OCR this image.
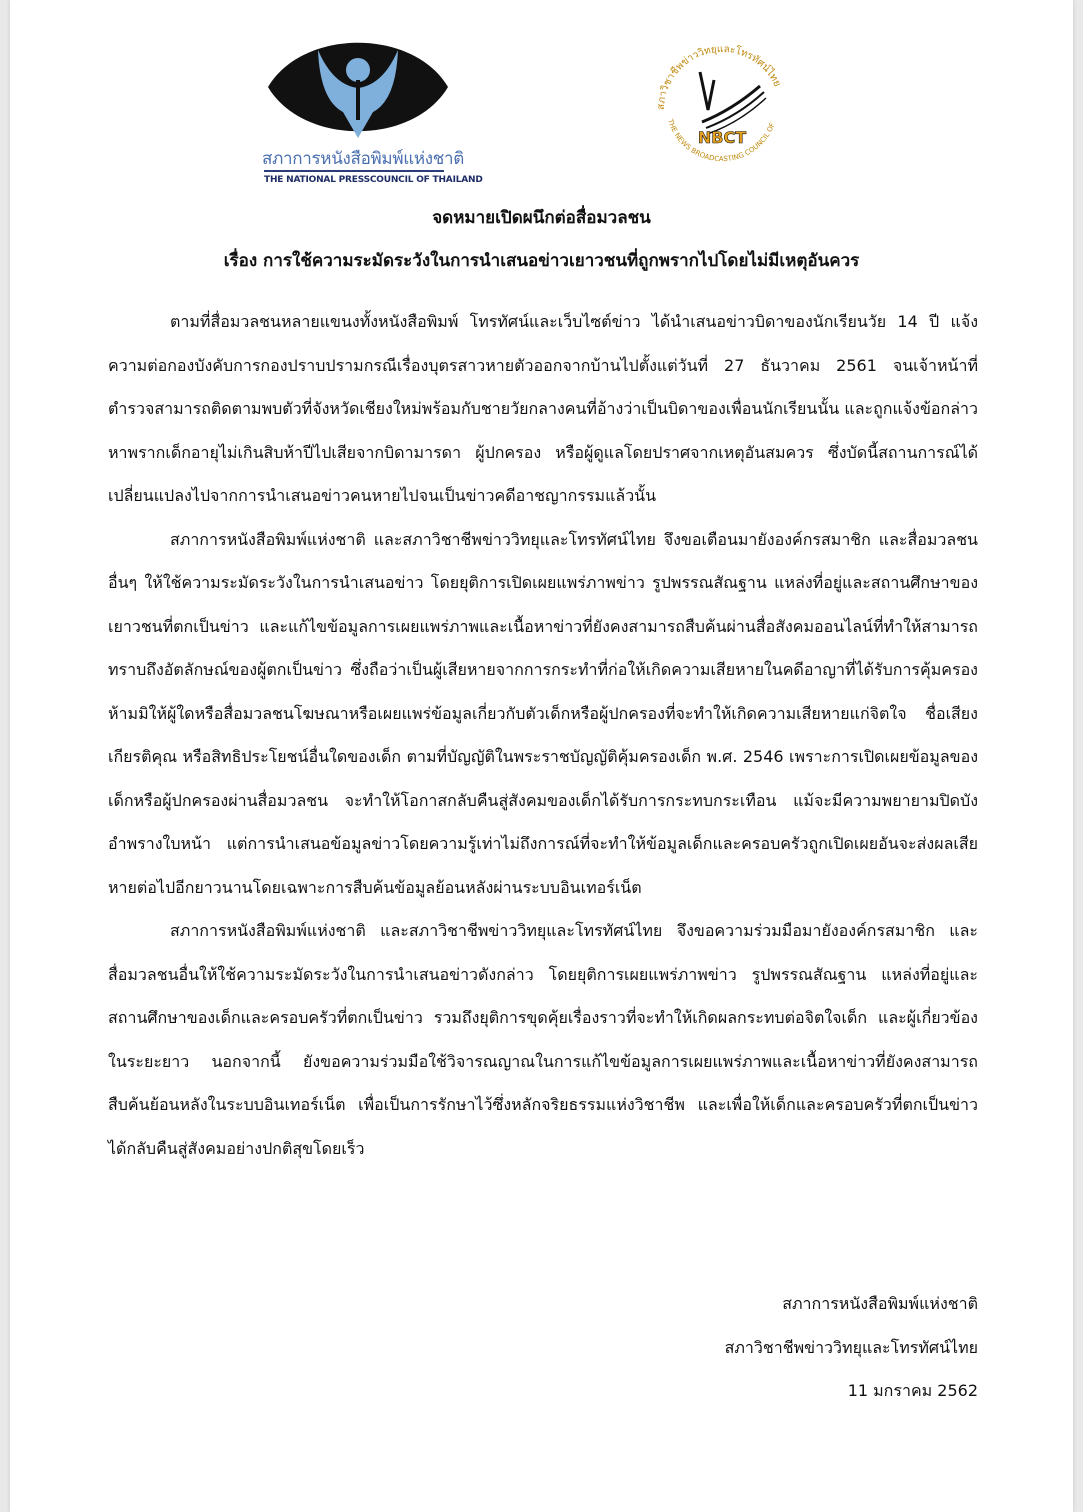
สภาการหนังสือพิมพ์แห่งชาติ
THE NATIONAL PRESSCOUNCIL OF THAILAND
สภาวิชาชีพข่าววิทยุและโทรทัศน์ไทย
THE NEWS BROADCASTING COUNCIL OF
NBCT
จดหมายเปิดผนึกต่อสื่อมวลชน
เรื่อง การใช้ความระมัดระวังในการนำเสนอข่าวเยาวชนที่ถูกพรากไปโดยไม่มีเหตุอันควร

ตามที่สื่อมวลชนหลายแขนงทั้งหนังสือพิมพ์ โทรทัศน์และเว็บไซต์ข่าว ได้นำเสนอข่าวบิดาของนักเรียนวัย 14 ปี แจ้งความต่อกองบังคับการกองปราบปรามกรณีเรื่องบุตรสาวหายตัวออกจากบ้านไปตั้งแต่วันที่ 27 ธันวาคม 2561 จนเจ้าหน้าที่ตำรวจสามารถติดตามพบตัวที่จังหวัดเชียงใหม่พร้อมกับชายวัยกลางคนที่อ้างว่าเป็นบิดาของเพื่อนนักเรียนนั้น และถูกแจ้งข้อกล่าวหาพรากเด็กอายุไม่เกินสิบห้าปีไปเสียจากบิดามารดา ผู้ปกครอง หรือผู้ดูแลโดยปราศจากเหตุอันสมควร ซึ่งบัดนี้สถานการณ์ได้เปลี่ยนแปลงไปจากการนำเสนอข่าวคนหายไปจนเป็นข่าวคดีอาชญากรรมแล้วนั้น

สภาการหนังสือพิมพ์แห่งชาติ และสภาวิชาชีพข่าววิทยุและโทรทัศน์ไทย จึงขอเตือนมายังองค์กรสมาชิก และสื่อมวลชนอื่นๆ ให้ใช้ความระมัดระวังในการนำเสนอข่าว โดยยุติการเปิดเผยแพร่ภาพข่าว รูปพรรณสัณฐาน แหล่งที่อยู่และสถานศึกษาของเยาวชนที่ตกเป็นข่าว และแก้ไขข้อมูลการเผยแพร่ภาพและเนื้อหาข่าวที่ยังคงสามารถสืบค้นผ่านสื่อสังคมออนไลน์ที่ทำให้สามารถทราบถึงอัตลักษณ์ของผู้ตกเป็นข่าว ซึ่งถือว่าเป็นผู้เสียหายจากการกระทำที่ก่อให้เกิดความเสียหายในคดีอาญาที่ได้รับการคุ้มครองห้ามมิให้ผู้ใดหรือสื่อมวลชนโฆษณาหรือเผยแพร่ข้อมูลเกี่ยวกับตัวเด็กหรือผู้ปกครองที่จะทำให้เกิดความเสียหายแก่จิตใจ ชื่อเสียง เกียรติคุณ หรือสิทธิประโยชน์อื่นใดของเด็ก ตามที่บัญญัติในพระราชบัญญัติคุ้มครองเด็ก พ.ศ. 2546 เพราะการเปิดเผยข้อมูลของเด็กหรือผู้ปกครองผ่านสื่อมวลชน จะทำให้โอกาสกลับคืนสู่สังคมของเด็กได้รับการกระทบกระเทือน แม้จะมีความพยายามปิดบังอำพรางใบหน้า แต่การนำเสนอข้อมูลข่าวโดยความรู้เท่าไม่ถึงการณ์ที่จะทำให้ข้อมูลเด็กและครอบครัวถูกเปิดเผยอันจะส่งผลเสียหายต่อไปอีกยาวนานโดยเฉพาะการสืบค้นข้อมูลย้อนหลังผ่านระบบอินเทอร์เน็ต

สภาการหนังสือพิมพ์แห่งชาติ และสภาวิชาชีพข่าววิทยุและโทรทัศน์ไทย จึงขอความร่วมมือมายังองค์กรสมาชิก และสื่อมวลชนอื่นให้ใช้ความระมัดระวังในการนำเสนอข่าวดังกล่าว โดยยุติการเผยแพร่ภาพข่าว รูปพรรณสัณฐาน แหล่งที่อยู่และสถานศึกษาของเด็กและครอบครัวที่ตกเป็นข่าว รวมถึงยุติการขุดคุ้ยเรื่องราวที่จะทำให้เกิดผลกระทบต่อจิตใจเด็ก และผู้เกี่ยวข้องในระยะยาว นอกจากนี้ ยังขอความร่วมมือใช้วิจารณญาณในการแก้ไขข้อมูลการเผยแพร่ภาพและเนื้อหาข่าวที่ยังคงสามารถสืบค้นย้อนหลังในระบบอินเทอร์เน็ต เพื่อเป็นการรักษาไว้ซึ่งหลักจริยธรรมแห่งวิชาชีพ และเพื่อให้เด็กและครอบครัวที่ตกเป็นข่าวได้กลับคืนสู่สังคมอย่างปกติสุขโดยเร็ว

สภาการหนังสือพิมพ์แห่งชาติ
สภาวิชาชีพข่าววิทยุและโทรทัศน์ไทย
11 มกราคม 2562
